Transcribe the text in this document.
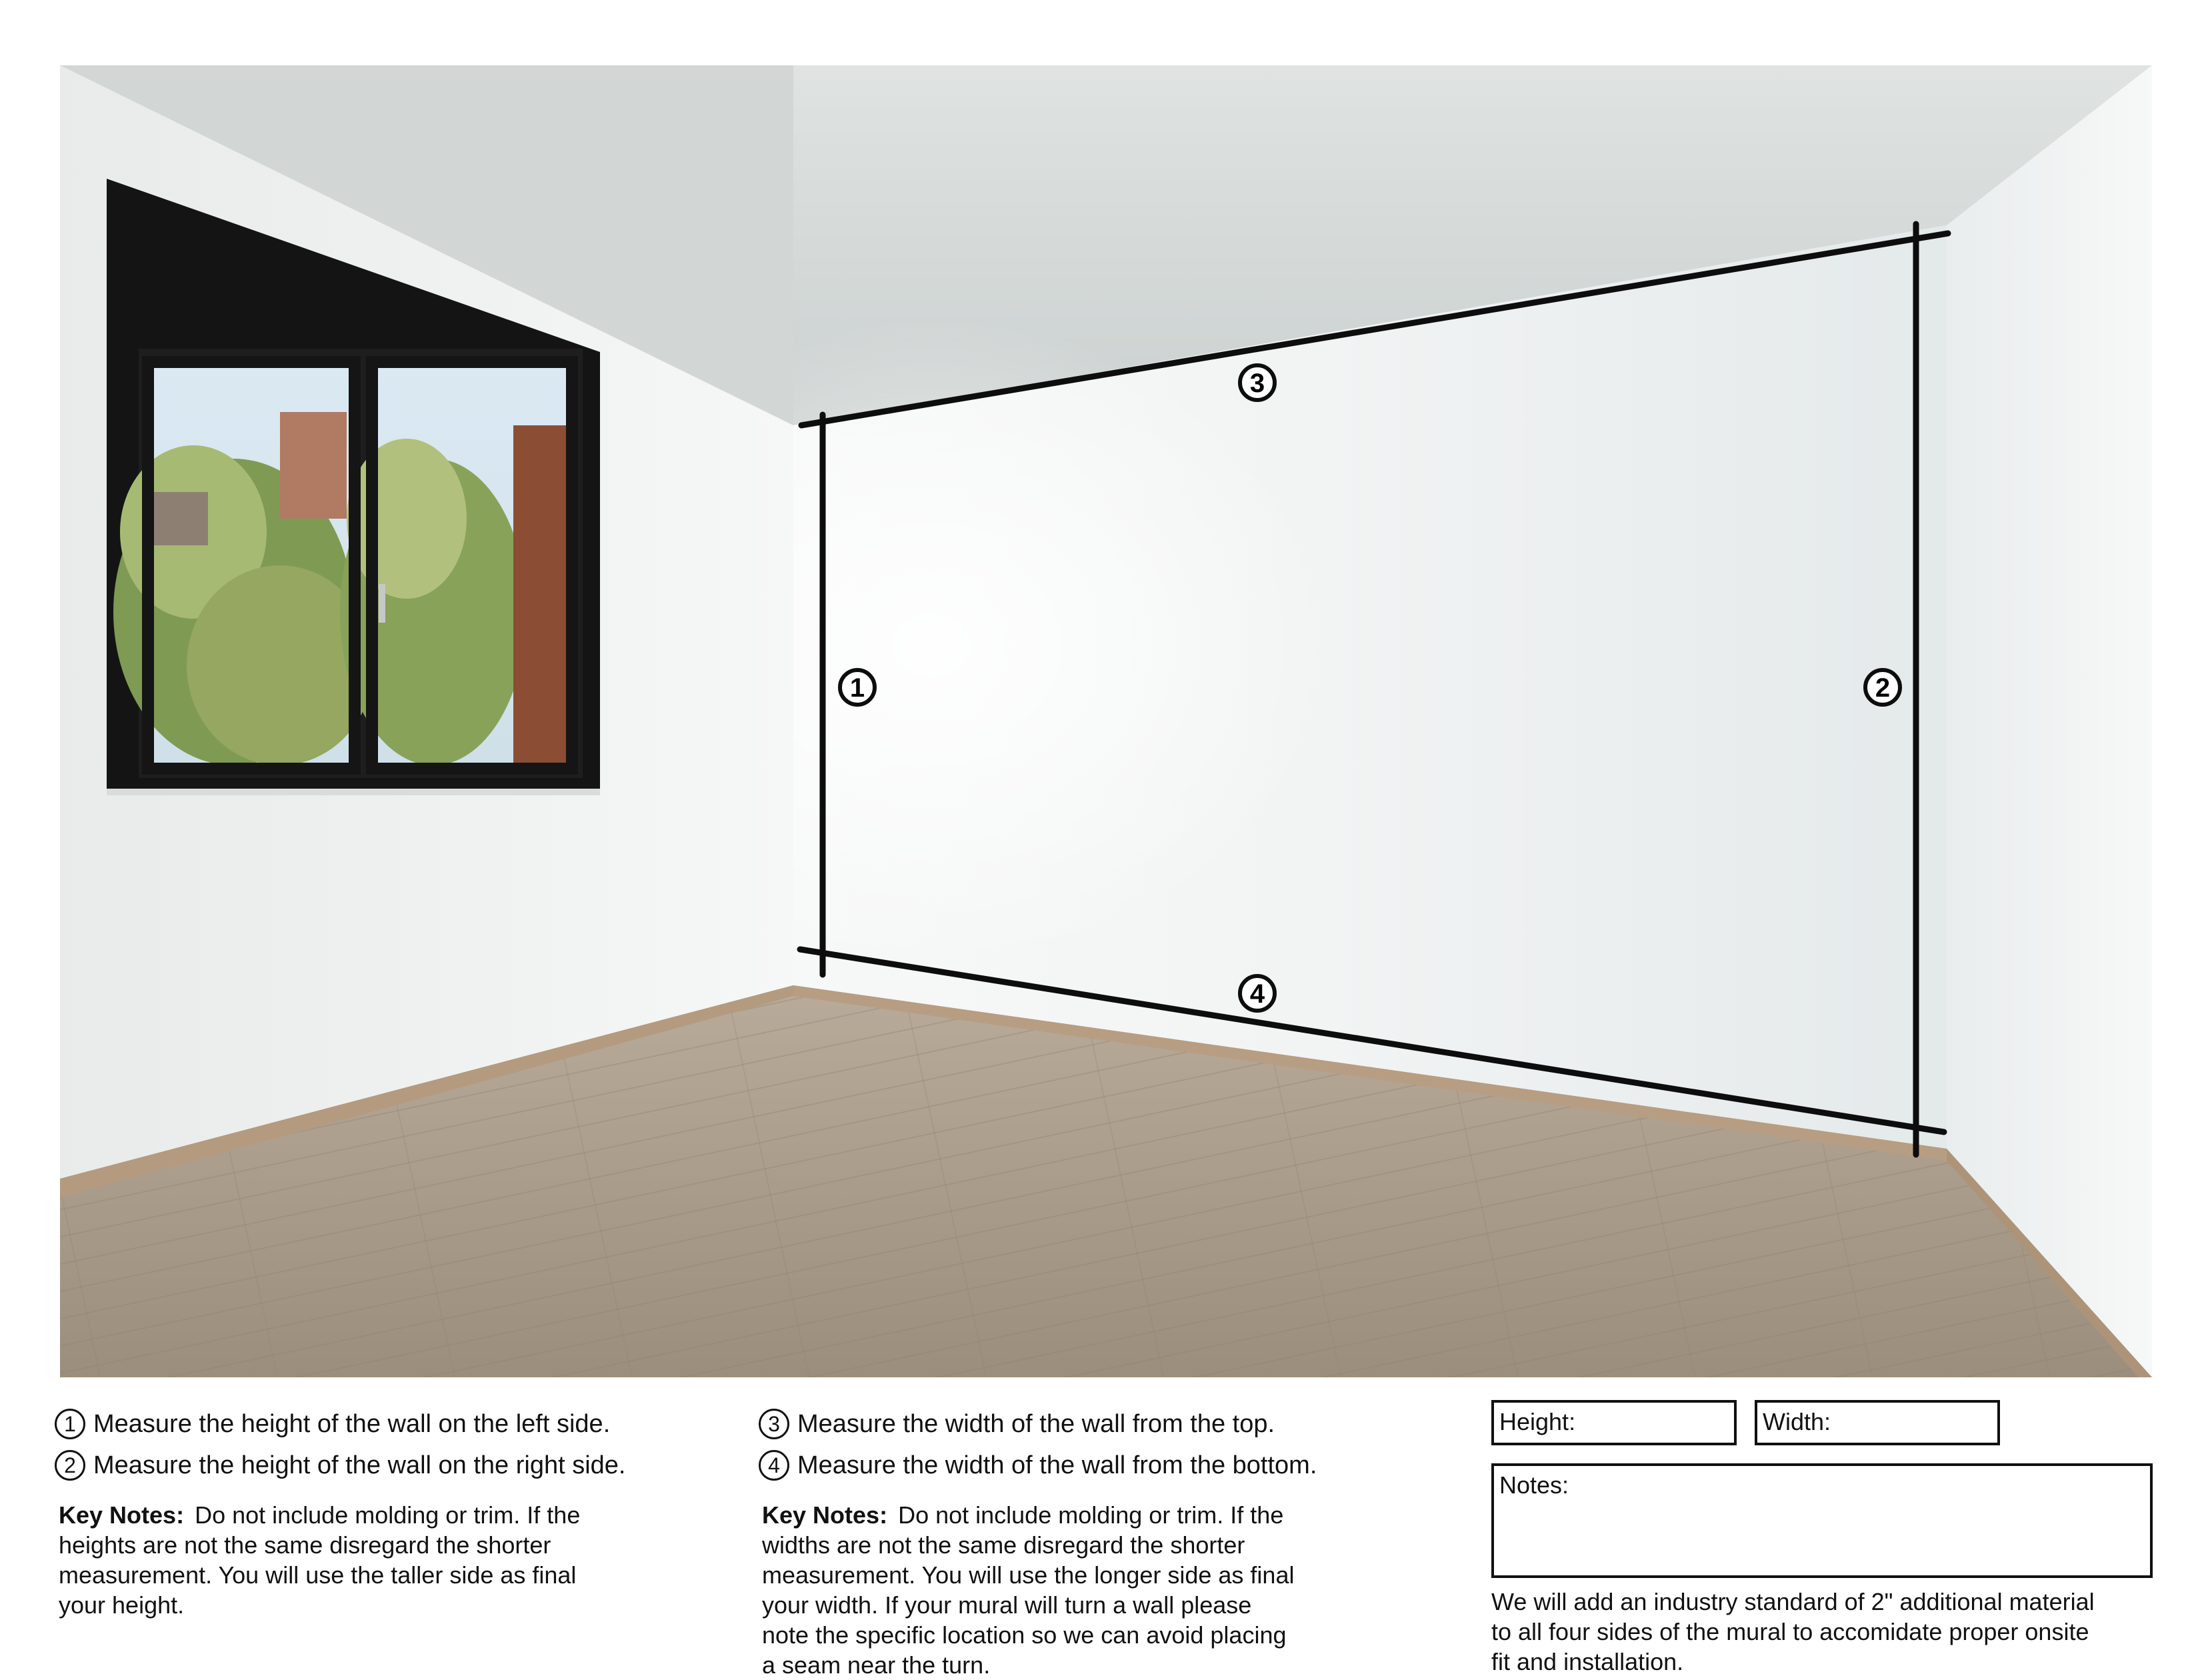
3
1	2
4
1 Measure the height of the wall on the left side.
2 Measure the height of the wall on the right side.
3 Measure the width of the wall from the top.
4 Measure the width of the wall from the bottom.
Key Notes: Do not include molding or trim. If the
heights are not the same disregard the shorter
measurement. You will use the taller side as final
your height.
Key Notes: Do not include molding or trim. If the
widths are not the same disregard the shorter
measurement. You will use the longer side as final
your width. If your mural will turn a wall please
note the specific location so we can avoid placing
a seam near the turn.
Height:	Width:
Notes:
We will add an industry standard of 2" additional material
to all four sides of the mural to accomidate proper onsite
fit and installation.
